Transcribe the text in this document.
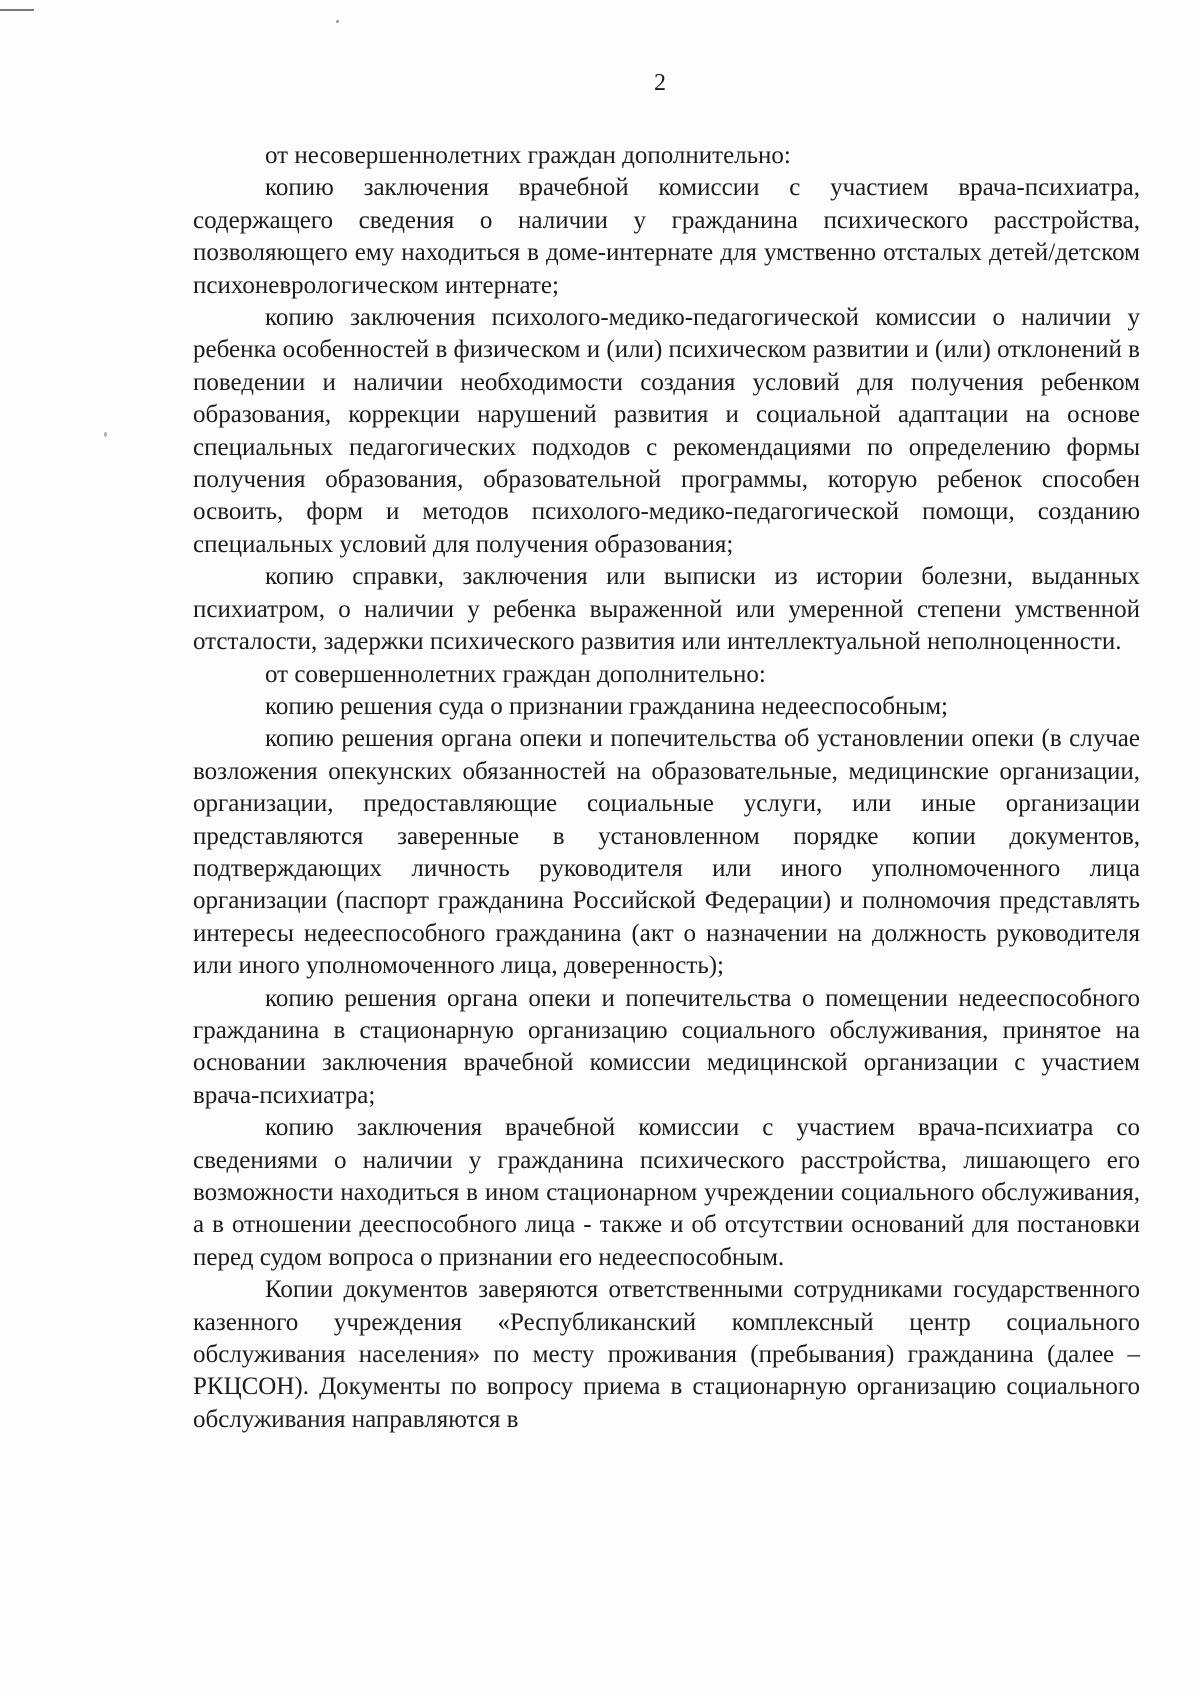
2

от несовершеннолетних граждан дополнительно:

копию заключения врачебной комиссии с участием врача-психиатра, содержащего сведения о наличии у гражданина психического расстройства, позволяющего ему находиться в доме-интернате для умственно отсталых детей/детском психоневрологическом интернате;

копию заключения психолого-медико-педагогической комиссии о наличии у ребенка особенностей в физическом и (или) психическом развитии и (или) отклонений в поведении и наличии необходимости создания условий для получения ребенком образования, коррекции нарушений развития и социальной адаптации на основе специальных педагогических подходов с рекомендациями по определению формы получения образования, образовательной программы, которую ребенок способен освоить, форм и методов психолого-медико-педагогической помощи, созданию специальных условий для получения образования;

копию справки, заключения или выписки из истории болезни, выданных психиатром, о наличии у ребенка выраженной или умеренной степени умственной отсталости, задержки психического развития или интеллектуальной неполноценности.

от совершеннолетних граждан дополнительно:

копию решения суда о признании гражданина недееспособным;

копию решения органа опеки и попечительства об установлении опеки (в случае возложения опекунских обязанностей на образовательные, медицинские организации, организации, предоставляющие социальные услуги, или иные организации представляются заверенные в установленном порядке копии документов, подтверждающих личность руководителя или иного уполномоченного лица организации (паспорт гражданина Российской Федерации) и полномочия представлять интересы недееспособного гражданина (акт о назначении на должность руководителя или иного уполномоченного лица, доверенность);

копию решения органа опеки и попечительства о помещении недееспособного гражданина в стационарную организацию социального обслуживания, принятое на основании заключения врачебной комиссии медицинской организации с участием врача-психиатра;

копию заключения врачебной комиссии с участием врача-психиатра со сведениями о наличии у гражданина психического расстройства, лишающего его возможности находиться в ином стационарном учреждении социального обслуживания, а в отношении дееспособного лица - также и об отсутствии оснований для постановки перед судом вопроса о признании его недееспособным.

Копии документов заверяются ответственными сотрудниками государственного казенного учреждения «Республиканский комплексный центр социального обслуживания населения» по месту проживания (пребывания) гражданина (далее – РКЦСОН). Документы по вопросу приема в стационарную организацию социального обслуживания направляются в
